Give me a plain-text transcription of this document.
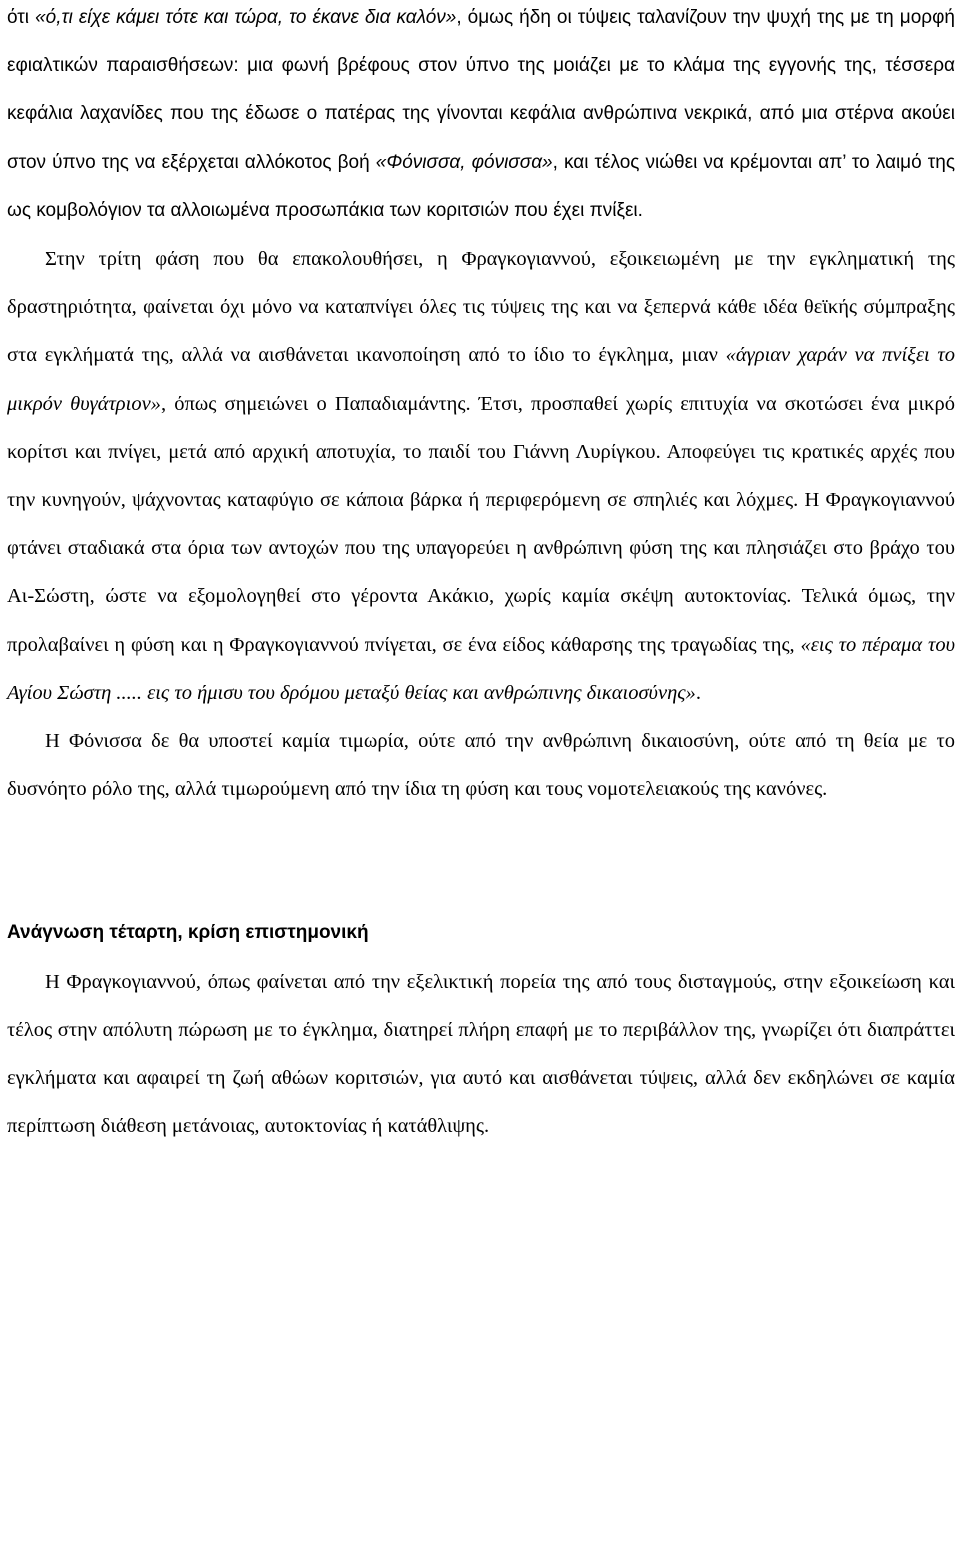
ότι «ό,τι είχε κάμει τότε και τώρα, το έκανε δια καλόν», όμως ήδη οι τύψεις ταλανίζουν την ψυχή της με τη μορφή εφιαλτικών παραισθήσεων: μια φωνή βρέφους στον ύπνο της μοιάζει με το κλάμα της εγγονής της, τέσσερα κεφάλια λαχανίδες που της έδωσε ο πατέρας της γίνονται κεφάλια ανθρώπινα νεκρικά, από μια στέρνα ακούει στον ύπνο της να εξέρχεται αλλόκοτος βοή «Φόνισσα, φόνισσα», και τέλος νιώθει να κρέμονται απ’ το λαιμό της ως κομβολόγιον τα αλλοιωμένα προσωπάκια των κοριτσιών που έχει πνίξει.

Στην τρίτη φάση που θα επακολουθήσει, η Φραγκογιαννού, εξοικειωμένη με την εγκληματική της δραστηριότητα, φαίνεται όχι μόνο να καταπνίγει όλες τις τύψεις της και να ξεπερνά κάθε ιδέα θεϊκής σύμπραξης στα εγκλήματά της, αλλά να αισθάνεται ικανοποίηση από το ίδιο το έγκλημα, μιαν «άγριαν χαράν να πνίξει το μικρόν θυγάτριον», όπως σημειώνει ο Παπαδιαμάντης. Έτσι, προσπαθεί χωρίς επιτυχία να σκοτώσει ένα μικρό κορίτσι και πνίγει, μετά από αρχική αποτυχία, το παιδί του Γιάννη Λυρίγκου. Αποφεύγει τις κρατικές αρχές που την κυνηγούν, ψάχνοντας καταφύγιο σε κάποια βάρκα ή περιφερόμενη σε σπηλιές και λόχμες. Η Φραγκογιαννού φτάνει σταδιακά στα όρια των αντοχών που της υπαγορεύει η ανθρώπινη φύση της και πλησιάζει στο βράχο του Αι-Σώστη, ώστε να εξομολογηθεί στο γέροντα Ακάκιο, χωρίς καμία σκέψη αυτοκτονίας. Τελικά όμως, την προλαβαίνει η φύση και η Φραγκογιαννού πνίγεται, σε ένα είδος κάθαρσης της τραγωδίας της, «εις το πέραμα του Αγίου Σώστη ..... εις το ήμισυ του δρόμου μεταξύ θείας και ανθρώπινης δικαιοσύνης».

Η Φόνισσα δε θα υποστεί καμία τιμωρία, ούτε από την ανθρώπινη δικαιοσύνη, ούτε από τη θεία με το δυσνόητο ρόλο της, αλλά τιμωρούμενη από την ίδια τη φύση και τους νομοτελειακούς της κανόνες.

Ανάγνωση τέταρτη, κρίση επιστημονική

Η Φραγκογιαννού, όπως φαίνεται από την εξελικτική πορεία της από τους δισταγμούς, στην εξοικείωση και τέλος στην απόλυτη πώρωση με το έγκλημα, διατηρεί πλήρη επαφή με το περιβάλλον της, γνωρίζει ότι διαπράττει εγκλήματα και αφαιρεί τη ζωή αθώων κοριτσιών, για αυτό και αισθάνεται τύψεις, αλλά δεν εκδηλώνει σε καμία περίπτωση διάθεση μετάνοιας, αυτοκτονίας ή κατάθλιψης.
